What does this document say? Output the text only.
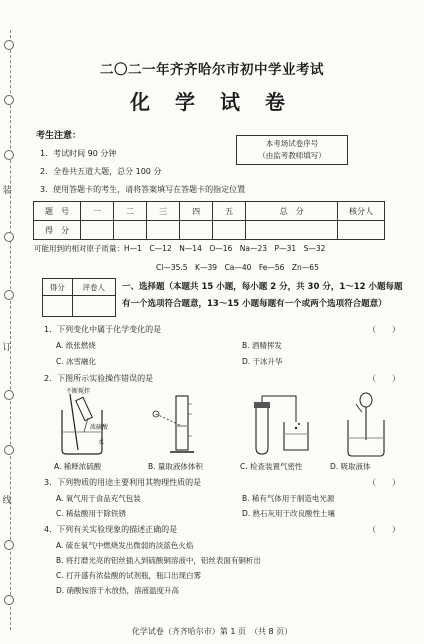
装
订
线
二〇二一年齐齐哈尔市初中学业考试
化 学 试 卷
考生注意：
1．考试时间 90 分钟
2．全卷共五道大题，总分 100 分
3．使用答题卡的考生，请将答案填写在答题卡的指定位置
本考场试卷序号
（由监考教师填写）
题　号	一	二	三	四	五	总　分	核分人
得　分							
可能用到的相对原子质量：H—1　C—12　N—14　O—16　Na—23　P—31　S—32
Cl—35.5　K—39　Ca—40　Fe—56　Zn—65
得分	评卷人
	一、选择题（本题共 15 小题，每小题 2 分，共 30 分，1～12 小题每题
有一个选项符合题意，13～15 小题每题有一个或两个选项符合题意）
1．下列变化中属于化学变化的是	（　　）
A. 纸张燃烧	B. 酒精挥发
C. 冰雪融化	D. 干冰升华
2．下图所示实验操作错误的是	（　　）
不断搅拌
浓硫酸
水
A. 稀释浓硫酸	B. 量取液体体积	C. 检查装置气密性	D. 吸取液体
3．下列物质的用途主要利用其物理性质的是	（　　）
A. 氧气用于食品充气包装	B. 稀有气体用于制造电光源
C. 稀盐酸用于除铁锈	D. 熟石灰用于改良酸性土壤
4．下列有关实验现象的描述正确的是	（　　）
A. 硫在氧气中燃烧发出微弱的淡蓝色火焰
B. 将打磨光亮的铝丝插入到硫酸铜溶液中，铝丝表面有铜析出
C. 打开盛有浓盐酸的试剂瓶，瓶口出现白雾
D. 硝酸铵溶于水放热，溶液温度升高
化学试卷（齐齐哈尔市）第 1 页　（共 8 页）
